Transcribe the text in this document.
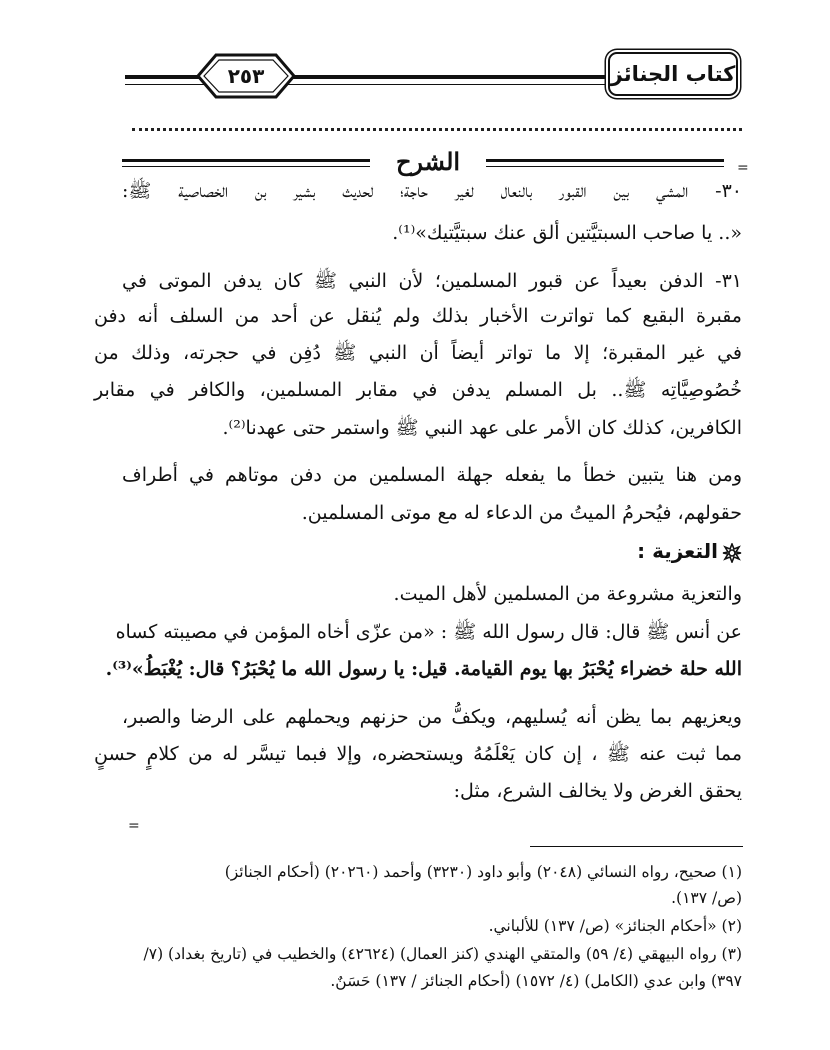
كتاب الجنائز
٢٥٣
الشرح	=
٣٠- المشي بين القبور بالنعال لغير حاجة؛ لحديث بشير بن الخصاصية ﷺ:
«.. يا صاحب السبتيَّتين ألق عنك سبتيَّتيك»⁽¹⁾.
٣١- الدفن بعيداً عن قبور المسلمين؛ لأن النبي ﷺ كان يدفن الموتى في
مقبرة البقيع كما تواترت الأخبار بذلك ولم يُنقل عن أحد من السلف أنه دفن
في غير المقبرة؛ إلا ما تواتر أيضاً أن النبي ﷺ دُفِن في حجرته، وذلك من
خُصُوصِيَّاتِه ﷺ.. بل المسلم يدفن في مقابر المسلمين، والكافر في مقابر
الكافرين، كذلك كان الأمر على عهد النبي ﷺ واستمر حتى عهدنا⁽²⁾.
ومن هنا يتبين خطأ ما يفعله جهلة المسلمين من دفن موتاهم في أطراف
حقولهم، فيُحرمُ الميتُ من الدعاء له مع موتى المسلمين.
التعزية :
والتعزية مشروعة من المسلمين لأهل الميت.
عن أنس ﷺ قال: قال رسول الله ﷺ : «من عزّى أخاه المؤمن في مصيبته كساه
الله حلة خضراء يُحْبَرُ بها يوم القيامة. قيل: يا رسول الله ما يُحْبَرُ؟ قال: يُغْبَطُ»⁽³⁾.
ويعزيهم بما يظن أنه يُسليهم، ويكفُّ من حزنهم ويحملهم على الرضا والصبر،
مما ثبت عنه ﷺ ، إن كان يَعْلَمُهُ ويستحضره، وإلا فبما تيسَّر له من كلامٍ حسنٍ
يحقق الغرض ولا يخالف الشرع، مثل:
=
(١) صحيح، رواه النسائي (٢٠٤٨) وأبو داود (٣٢٣٠) وأحمد (٢٠٢٦٠) (أحكام الجنائز)
(ص/ ١٣٧).
(٢) «أحكام الجنائز» (ص/ ١٣٧) للألباني.
(٣) رواه البيهقي (٤/ ٥٩) والمتقي الهندي (كنز العمال) (٤٢٦٢٤) والخطيب في (تاريخ بغداد) (٧/
٣٩٧) وابن عدي (الكامل) (٤/ ١٥٧٢) (أحكام الجنائز / ١٣٧) حَسَنٌ.
